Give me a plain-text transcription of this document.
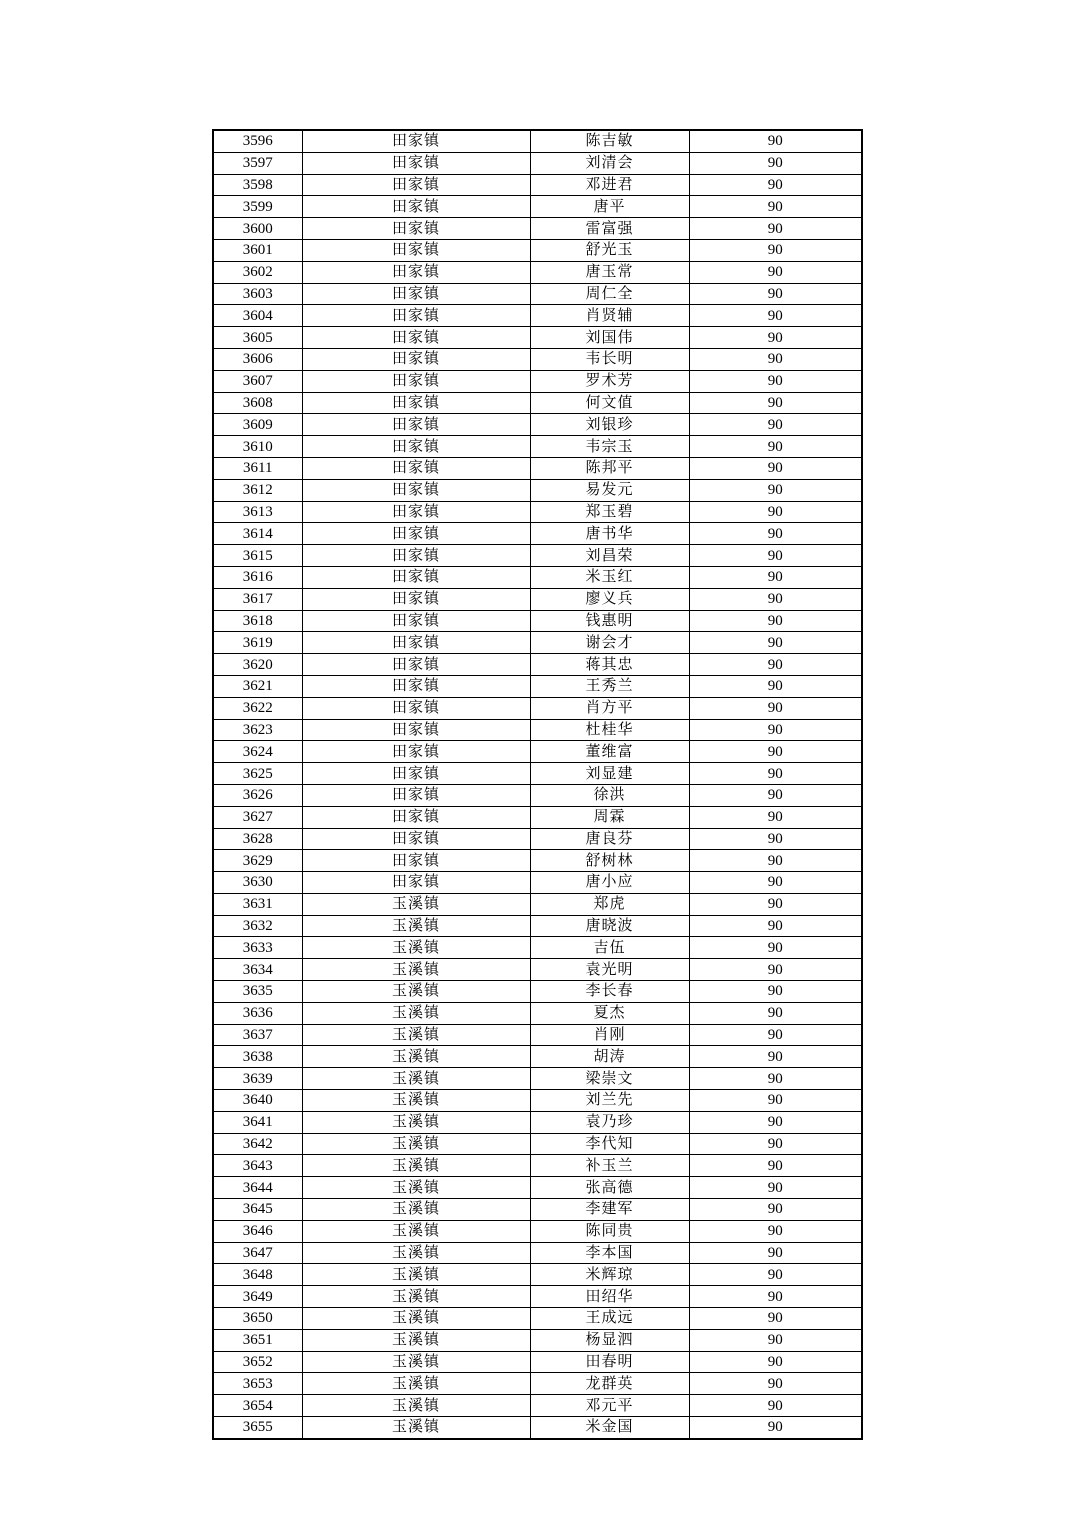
3596	田家镇	陈吉敏	90
3597	田家镇	刘清会	90
3598	田家镇	邓进君	90
3599	田家镇	唐平	90
3600	田家镇	雷富强	90
3601	田家镇	舒光玉	90
3602	田家镇	唐玉常	90
3603	田家镇	周仁全	90
3604	田家镇	肖贤辅	90
3605	田家镇	刘国伟	90
3606	田家镇	韦长明	90
3607	田家镇	罗术芳	90
3608	田家镇	何文值	90
3609	田家镇	刘银珍	90
3610	田家镇	韦宗玉	90
3611	田家镇	陈邦平	90
3612	田家镇	易发元	90
3613	田家镇	郑玉碧	90
3614	田家镇	唐书华	90
3615	田家镇	刘昌荣	90
3616	田家镇	米玉红	90
3617	田家镇	廖义兵	90
3618	田家镇	钱惠明	90
3619	田家镇	谢会才	90
3620	田家镇	蒋其忠	90
3621	田家镇	王秀兰	90
3622	田家镇	肖方平	90
3623	田家镇	杜桂华	90
3624	田家镇	董维富	90
3625	田家镇	刘显建	90
3626	田家镇	徐洪	90
3627	田家镇	周霖	90
3628	田家镇	唐良芬	90
3629	田家镇	舒树林	90
3630	田家镇	唐小应	90
3631	玉溪镇	郑虎	90
3632	玉溪镇	唐晓波	90
3633	玉溪镇	吉伍	90
3634	玉溪镇	袁光明	90
3635	玉溪镇	李长春	90
3636	玉溪镇	夏杰	90
3637	玉溪镇	肖刚	90
3638	玉溪镇	胡涛	90
3639	玉溪镇	梁崇文	90
3640	玉溪镇	刘兰先	90
3641	玉溪镇	袁乃珍	90
3642	玉溪镇	李代知	90
3643	玉溪镇	补玉兰	90
3644	玉溪镇	张高德	90
3645	玉溪镇	李建军	90
3646	玉溪镇	陈同贵	90
3647	玉溪镇	李本国	90
3648	玉溪镇	米辉琼	90
3649	玉溪镇	田绍华	90
3650	玉溪镇	王成远	90
3651	玉溪镇	杨显泗	90
3652	玉溪镇	田春明	90
3653	玉溪镇	龙群英	90
3654	玉溪镇	邓元平	90
3655	玉溪镇	米金国	90
